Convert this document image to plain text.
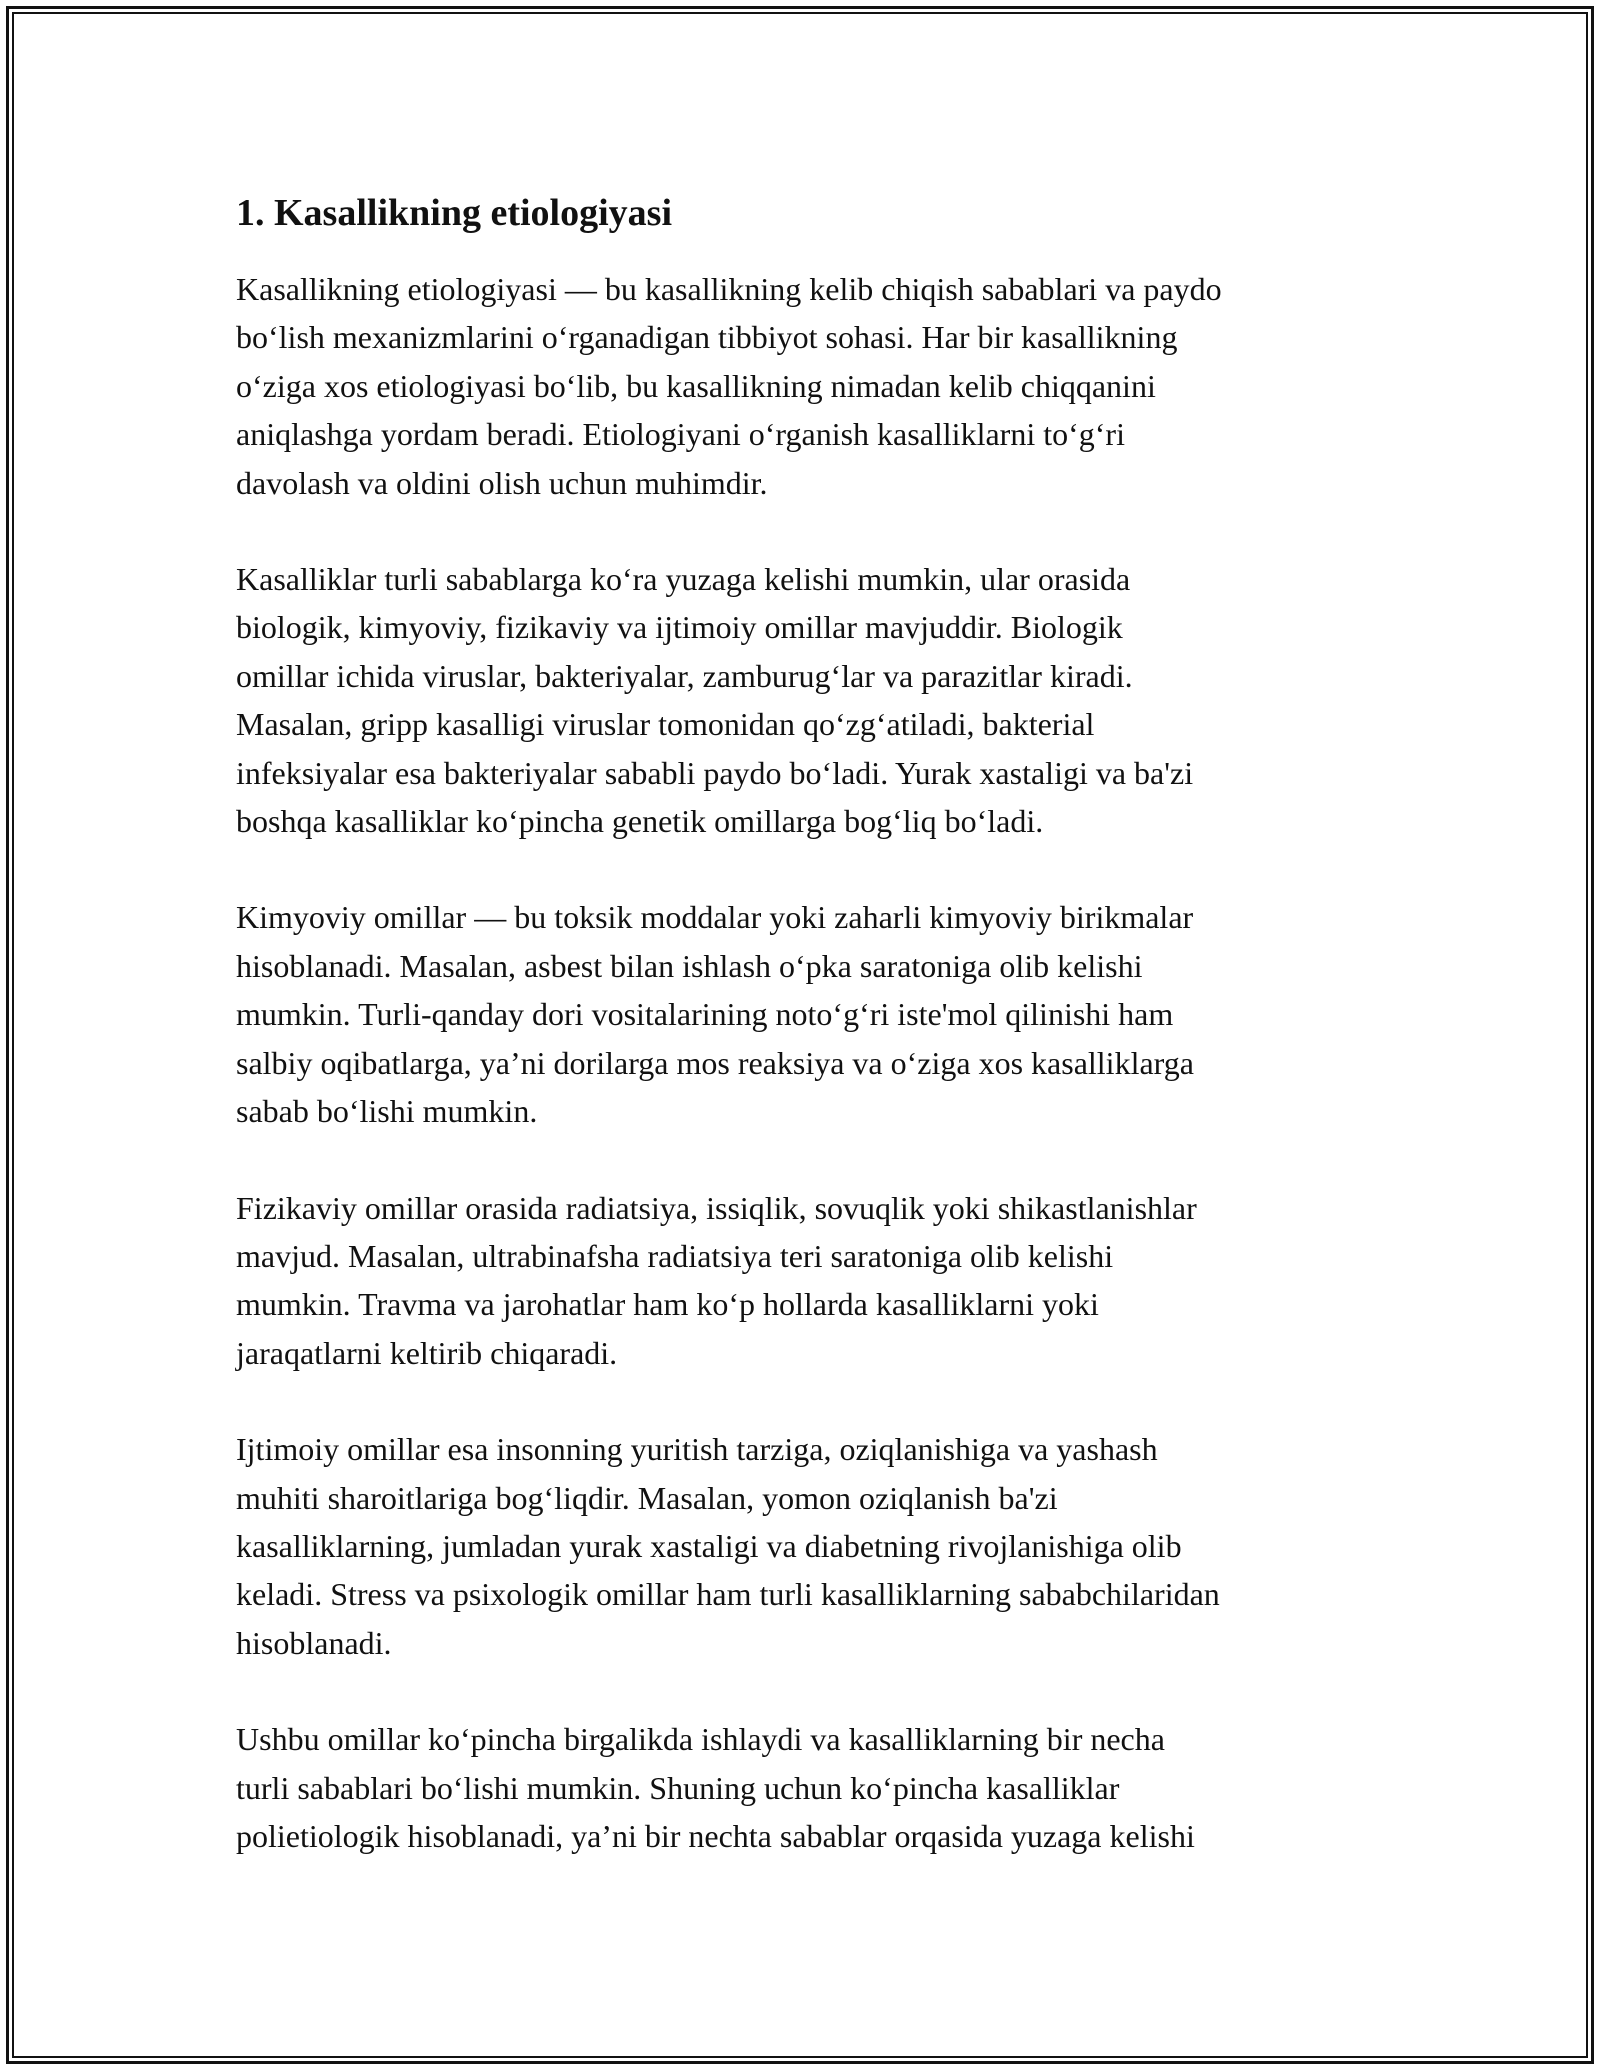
1. Kasallikning etiologiyasi

Kasallikning etiologiyasi — bu kasallikning kelib chiqish sabablari va paydo
bo‘lish mexanizmlarini o‘rganadigan tibbiyot sohasi. Har bir kasallikning
o‘ziga xos etiologiyasi bo‘lib, bu kasallikning nimadan kelib chiqqanini
aniqlashga yordam beradi. Etiologiyani o‘rganish kasalliklarni to‘g‘ri
davolash va oldini olish uchun muhimdir.

Kasalliklar turli sabablarga ko‘ra yuzaga kelishi mumkin, ular orasida
biologik, kimyoviy, fizikaviy va ijtimoiy omillar mavjuddir. Biologik
omillar ichida viruslar, bakteriyalar, zamburug‘lar va parazitlar kiradi.
Masalan, gripp kasalligi viruslar tomonidan qo‘zg‘atiladi, bakterial
infeksiyalar esa bakteriyalar sababli paydo bo‘ladi. Yurak xastaligi va ba'zi
boshqa kasalliklar ko‘pincha genetik omillarga bog‘liq bo‘ladi.

Kimyoviy omillar — bu toksik moddalar yoki zaharli kimyoviy birikmalar
hisoblanadi. Masalan, asbest bilan ishlash o‘pka saratoniga olib kelishi
mumkin. Turli-qanday dori vositalarining noto‘g‘ri iste'mol qilinishi ham
salbiy oqibatlarga, ya’ni dorilarga mos reaksiya va o‘ziga xos kasalliklarga
sabab bo‘lishi mumkin.

Fizikaviy omillar orasida radiatsiya, issiqlik, sovuqlik yoki shikastlanishlar
mavjud. Masalan, ultrabinafsha radiatsiya teri saratoniga olib kelishi
mumkin. Travma va jarohatlar ham ko‘p hollarda kasalliklarni yoki
jaraqatlarni keltirib chiqaradi.

Ijtimoiy omillar esa insonning yuritish tarziga, oziqlanishiga va yashash
muhiti sharoitlariga bog‘liqdir. Masalan, yomon oziqlanish ba'zi
kasalliklarning, jumladan yurak xastaligi va diabetning rivojlanishiga olib
keladi. Stress va psixologik omillar ham turli kasalliklarning sababchilaridan
hisoblanadi.

Ushbu omillar ko‘pincha birgalikda ishlaydi va kasalliklarning bir necha
turli sabablari bo‘lishi mumkin. Shuning uchun ko‘pincha kasalliklar
polietiologik hisoblanadi, ya’ni bir nechta sabablar orqasida yuzaga kelishi
